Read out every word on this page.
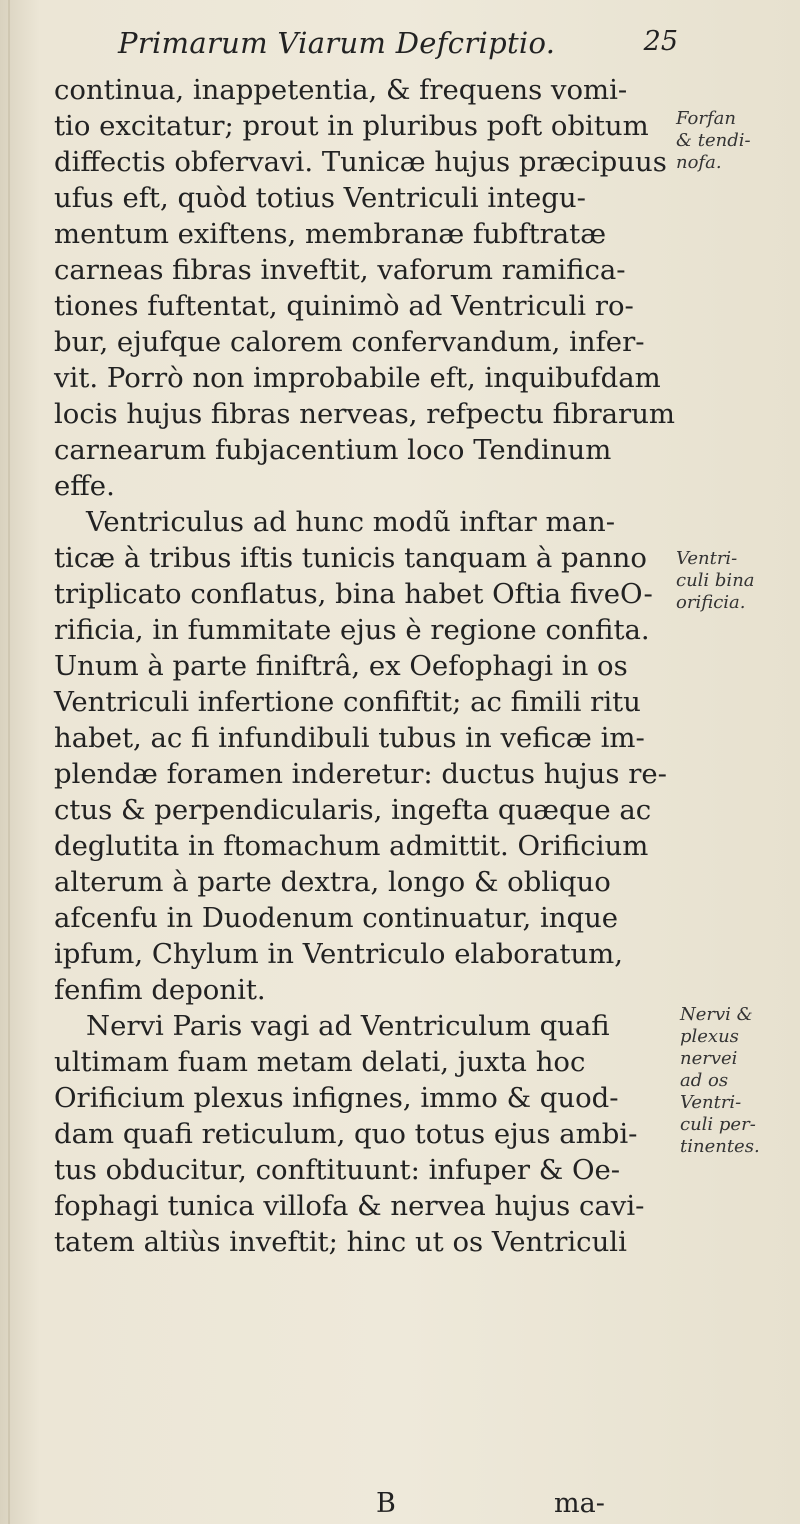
Primarum Viarum Defcriptio.	25
continua, inappetentia, & frequens vomi-
tio excitatur; prout in pluribus poft obitum
diffectis obfervavi. Tunicæ hujus præcipuus
ufus eft, quòd totius Ventriculi integu-
mentum exiftens, membranæ fubftratæ
carneas fibras inveftit, vaforum ramifica-
tiones fuftentat, quinimò ad Ventriculi ro-
bur, ejufque calorem confervandum, infer-
vit. Porrò non improbabile eft, inquibufdam
locis hujus fibras nerveas, refpectu fibrarum
carnearum fubjacentium loco Tendinum
effe.
Ventriculus ad hunc modũ inftar man-
ticæ à tribus iftis tunicis tanquam à panno
triplicato conflatus, bina habet Oftia fiveO-
rificia, in fummitate ejus è regione confita.
Unum à parte finiftrâ, ex Oefophagi in os
Ventriculi infertione confiftit; ac fimili ritu
habet, ac fi infundibuli tubus in veficæ im-
plendæ foramen inderetur: ductus hujus re-
ctus & perpendicularis, ingefta quæque ac
deglutita in ftomachum admittit. Orificium
alterum à parte dextra, longo & obliquo
afcenfu in Duodenum continuatur, inque
ipfum, Chylum in Ventriculo elaboratum,
fenfim deponit.
Nervi Paris vagi ad Ventriculum quafi
ultimam fuam metam delati, juxta hoc
Orificium plexus infignes, immo & quod-
dam quafi reticulum, quo totus ejus ambi-
tus obducitur, conftituunt: infuper & Oe-
fophagi tunica villofa & nervea hujus cavi-
tatem altiùs inveftit; hinc ut os Ventriculi
Forfan
& tendi-
nofa.
Ventri-
culi bina
orificia.
Nervi &
plexus
nervei
ad os
Ventri-
culi per-
tinentes.
B	ma-
